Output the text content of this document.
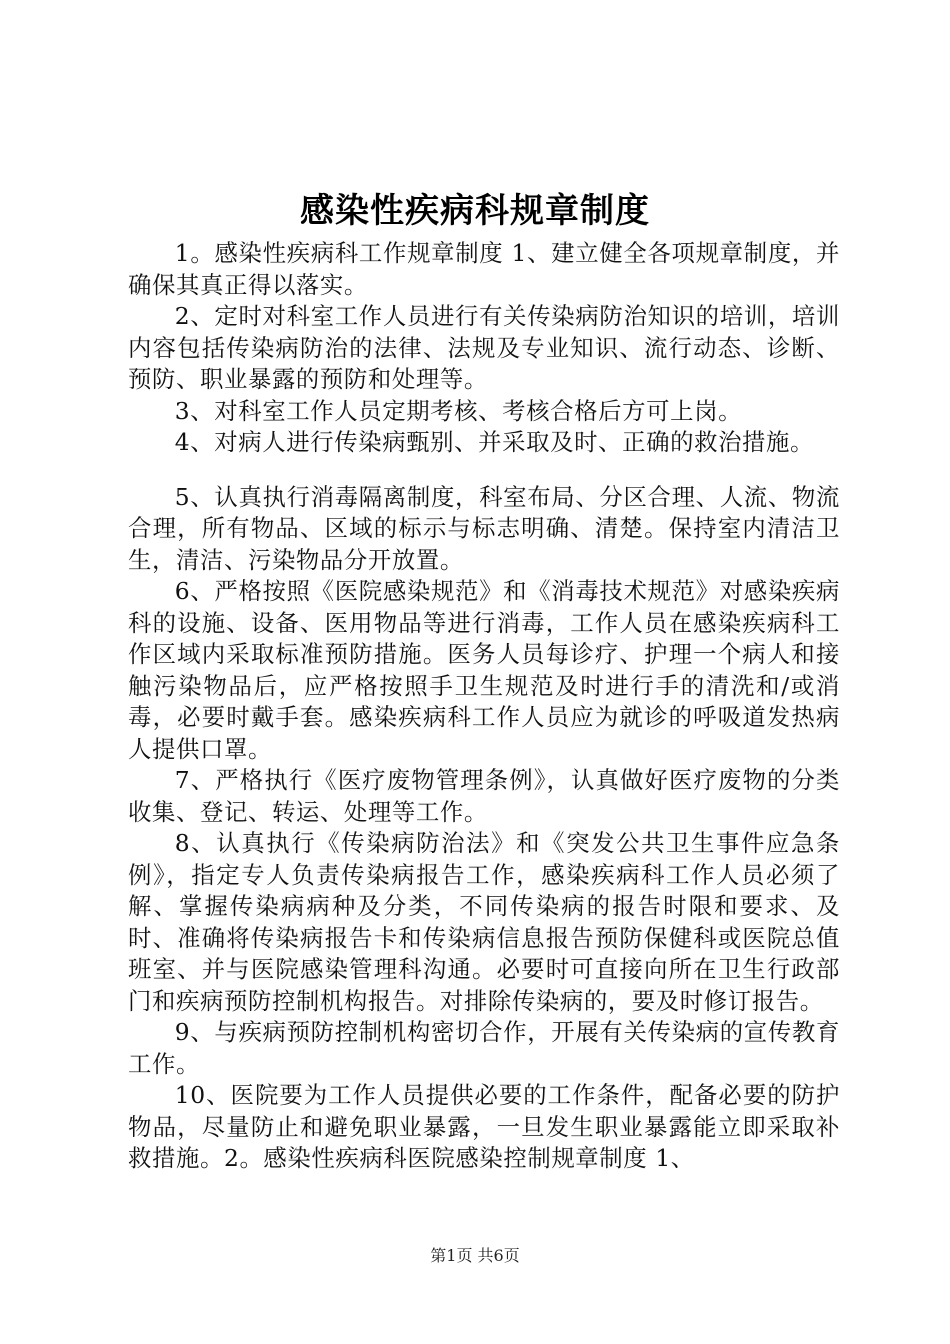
感染性疾病科规章制度

1。感染性疾病科工作规章制度 1、建立健全各项规章制度，并确保其真正得以落实。

2、定时对科室工作人员进行有关传染病防治知识的培训，培训内容包括传染病防治的法律、法规及专业知识、流行动态、诊断、预防、职业暴露的预防和处理等。

3、对科室工作人员定期考核、考核合格后方可上岗。

4、对病人进行传染病甄别、并采取及时、正确的救治措施。

5、认真执行消毒隔离制度，科室布局、分区合理、人流、物流合理，所有物品、区域的标示与标志明确、清楚。保持室内清洁卫生，清洁、污染物品分开放置。

6、严格按照《医院感染规范》和《消毒技术规范》对感染疾病科的设施、设备、医用物品等进行消毒，工作人员在感染疾病科工作区域内采取标准预防措施。医务人员每诊疗、护理一个病人和接触污染物品后，应严格按照手卫生规范及时进行手的清洗和/或消毒，必要时戴手套。感染疾病科工作人员应为就诊的呼吸道发热病人提供口罩。

7、严格执行《医疗废物管理条例》，认真做好医疗废物的分类收集、登记、转运、处理等工作。

8、认真执行《传染病防治法》和《突发公共卫生事件应急条例》，指定专人负责传染病报告工作，感染疾病科工作人员必须了解、掌握传染病病种及分类，不同传染病的报告时限和要求、及时、准确将传染病报告卡和传染病信息报告预防保健科或医院总值班室、并与医院感染管理科沟通。必要时可直接向所在卫生行政部门和疾病预防控制机构报告。对排除传染病的，要及时修订报告。

9、与疾病预防控制机构密切合作，开展有关传染病的宣传教育工作。

10、医院要为工作人员提供必要的工作条件，配备必要的防护物品，尽量防止和避免职业暴露，一旦发生职业暴露能立即采取补救措施。2。感染性疾病科医院感染控制规章制度 1、

第1页 共6页
